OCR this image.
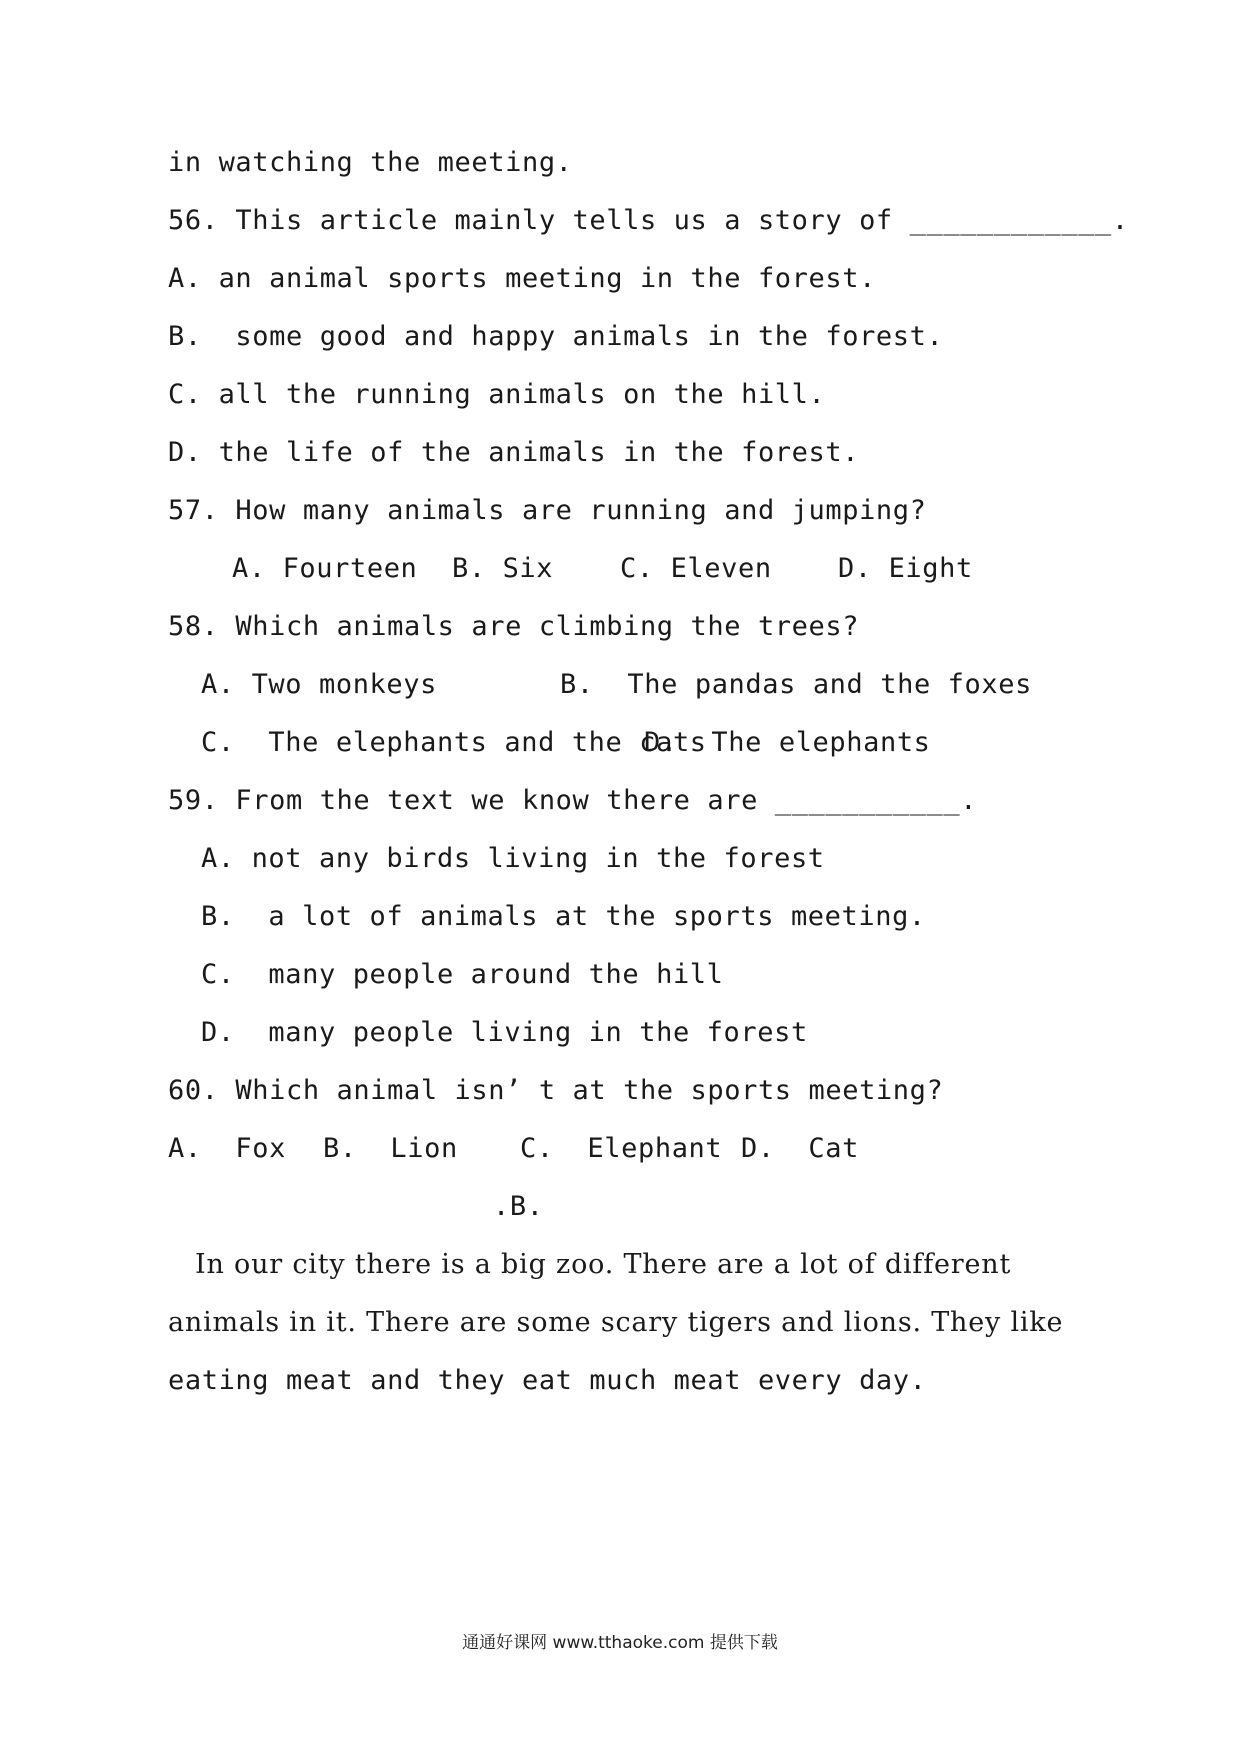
in watching the meeting.
56. This article mainly tells us a story of ____________.
A. an animal sports meeting in the forest.
B.  some good and happy animals in the forest.
C. all the running animals on the hill.
D. the life of the animals in the forest.
57. How many animals are running and jumping?
A. Fourteen B. Six C. Eleven D. Eight
58. Which animals are climbing the trees?
A. Two monkeys	B.  The pandas and the foxes
C.  The elephants and the cats
D.  The elephants
59. From the text we know there are ___________.
A. not any birds living in the forest
B.  a lot of animals at the sports meeting.
C.  many people around the hill
D.  many people living in the forest
60. Which animal isn’ t at the sports meeting?
A.  Fox B.  Lion C.  Elephant D.  Cat
.B.
In our city there is a big zoo. There are a lot of different
animals in it. There are some scary tigers and lions. They like
eating meat and they eat much meat every day.
通通好课网 www.tthaoke.com 提供下载
